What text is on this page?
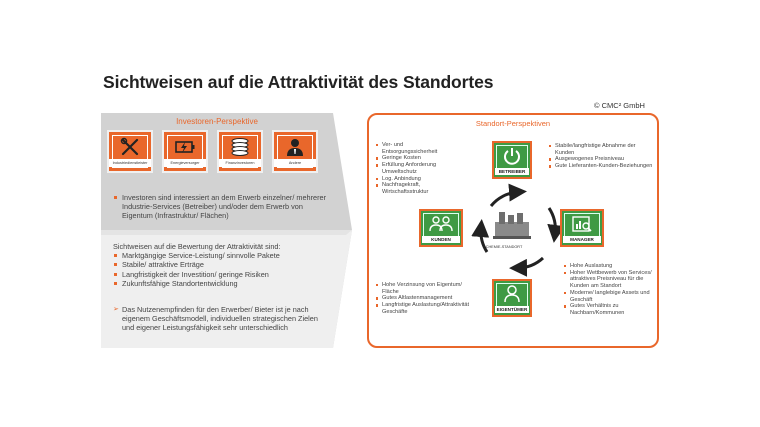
Sichtweisen auf die Attraktivität des Standortes
© CMC² GmbH
Investoren-Perspektive
Industriedienstleister	Energieversorger	Finanzinvestoren	Andere
Investoren sind interessiert an dem Erwerb einzelner/ mehrerer Industrie-Services (Betreiber) und/oder dem Erwerb von Eigentum (Infrastruktur/ Flächen)
Sichtweisen auf die Bewertung der Attraktivität sind:
Marktgängige Service-Leistung/ sinnvolle Pakete
Stabile/ attraktive Erträge
Langfristigkeit der Investition/ geringe Risiken
Zukunftsfähige Standortentwicklung
➢ Das Nutzenempfinden für den Erwerber/ Bieter ist je nach eigenem Geschäftsmodell, individuellen strategischen Zielen und eigener Leistungsfähigkeit sehr unterschiedlich
Standort-Perspektiven
Ver- und Entsorgungssicherheit
Geringe Kosten
Erfüllung Anforderung Umweltschutz
Log. Anbindung
Nachfragekraft, Wirtschaftsstruktur
Stabile/langfristige Abnahme der Kunden
Ausgewogenes Preisniveau
Gute Lieferanten-Kunden-Beziehungen
Hohe Verzinsung von Eigentum/ Fläche
Gutes Altlastenmanagement
Langfristige Auslastung/Attraktivität Geschäfte
Hohe Auslastung
Hoher Wettbewerb von Services/ attraktives Preisniveau für die Kunden am Standort
Moderne/ langlebige Assets und Geschäft
Gutes Verhältnis zu Nachbarn/Kommunen
CHEMIE-STANDORT
BETREIBER
MANAGER
EIGENTÜMER
KUNDEN
